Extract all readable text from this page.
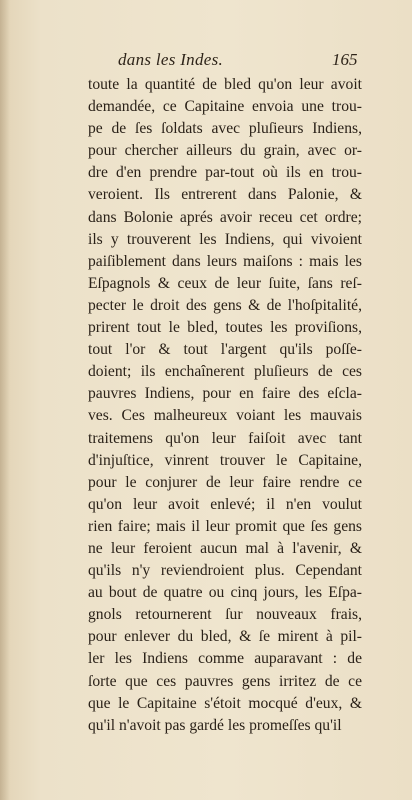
dans les Indes.	165
toute la quantité de bled qu'on leur avoit
demandée, ce Capitaine envoia une trou-
pe de ſes ſoldats avec pluſieurs Indiens,
pour chercher ailleurs du grain, avec or-
dre d'en prendre par-tout où ils en trou-
veroient. Ils entrerent dans Palonie, &
dans Bolonie aprés avoir receu cet ordre;
ils y trouverent les Indiens, qui vivoient
paiſiblement dans leurs maiſons : mais les
Eſpagnols & ceux de leur ſuite, ſans reſ-
pecter le droit des gens & de l'hoſpitalité,
prirent tout le bled, toutes les proviſions,
tout l'or & tout l'argent qu'ils poſſe-
doient; ils enchaînerent pluſieurs de ces
pauvres Indiens, pour en faire des eſcla-
ves. Ces malheureux voiant les mauvais
traitemens qu'on leur faiſoit avec tant
d'injuſtice, vinrent trouver le Capitaine,
pour le conjurer de leur faire rendre ce
qu'on leur avoit enlevé; il n'en voulut
rien faire; mais il leur promit que ſes gens
ne leur feroient aucun mal à l'avenir, &
qu'ils n'y reviendroient plus. Cependant
au bout de quatre ou cinq jours, les Eſpa-
gnols retournerent ſur nouveaux frais,
pour enlever du bled, & ſe mirent à pil-
ler les Indiens comme auparavant : de
ſorte que ces pauvres gens irritez de ce
que le Capitaine s'étoit mocqué d'eux, &
qu'il n'avoit pas gardé les promeſſes qu'il
